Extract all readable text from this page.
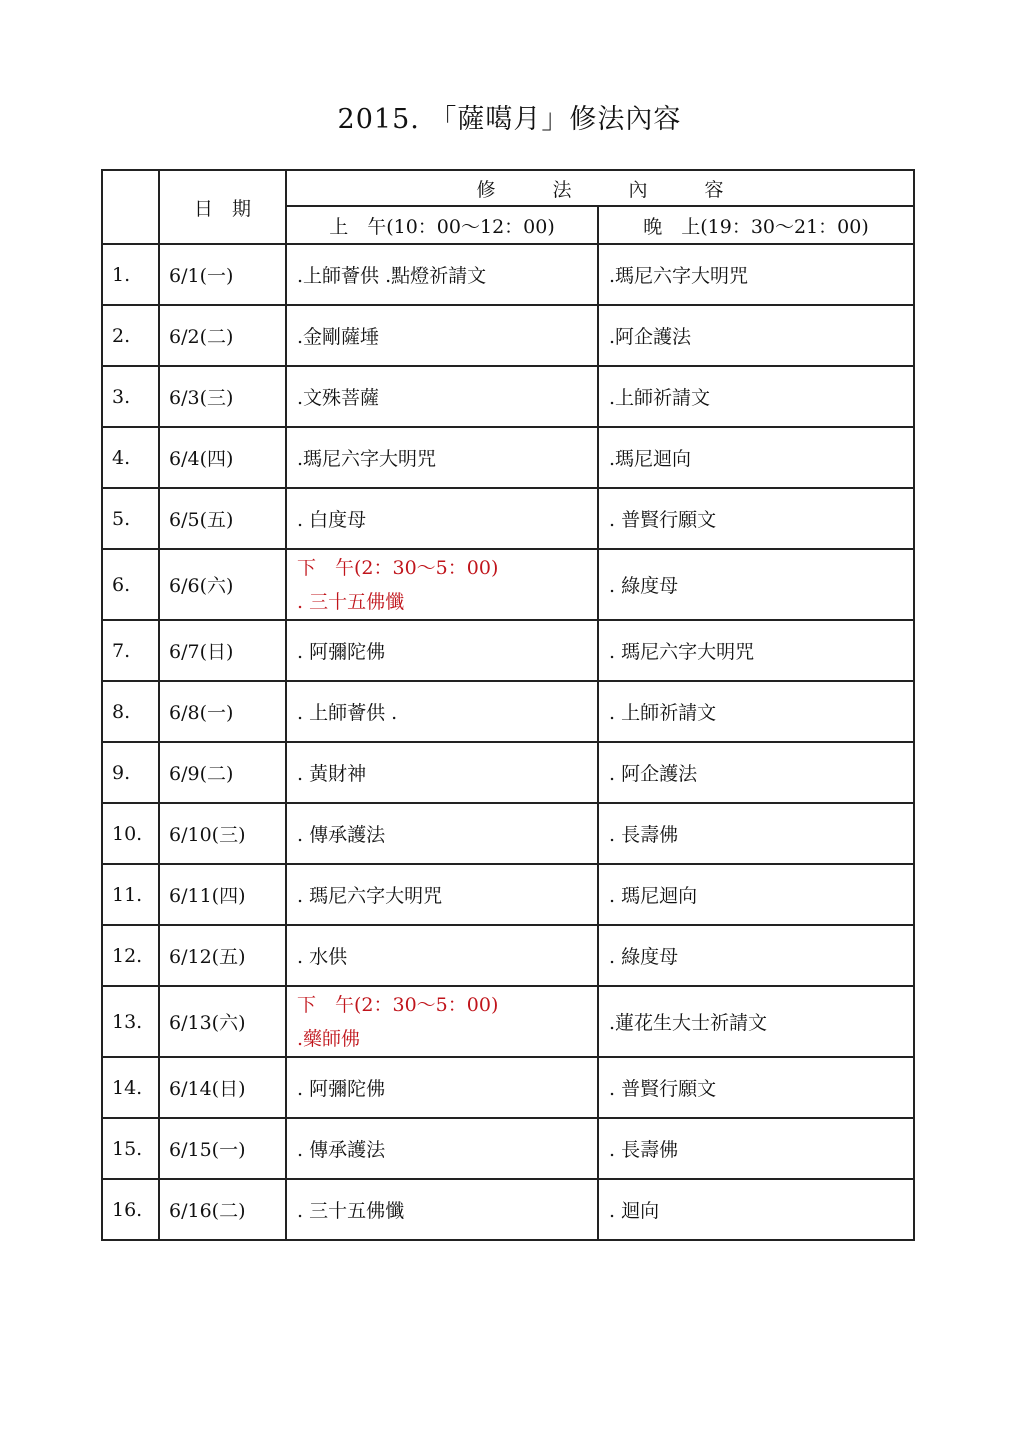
2015. 「薩噶月」修法內容
	日　期	修　　　法　　　內　　　容	
		上　午(10：00～12：00)	晚　上(19：30～21：00)
1.	6/1(一)	.上師薈供 .點燈祈請文	.瑪尼六字大明咒
2.	6/2(二)	.金剛薩埵	.阿企護法
3.	6/3(三)	.文殊菩薩	.上師祈請文
4.	6/4(四)	.瑪尼六字大明咒	.瑪尼迴向
5.	6/5(五)	. 白度母	. 普賢行願文
6.	6/6(六)	下　午(2：30～5：00)
. 三十五佛懺	. 綠度母
7.	6/7(日)	. 阿彌陀佛	. 瑪尼六字大明咒
8.	6/8(一)	. 上師薈供 .	. 上師祈請文
9.	6/9(二)	. 黃財神	. 阿企護法
10.	6/10(三)	. 傳承護法	. 長壽佛
11.	6/11(四)	. 瑪尼六字大明咒	. 瑪尼迴向
12.	6/12(五)	. 水供	. 綠度母
13.	6/13(六)	下　午(2：30～5：00)
.藥師佛	.蓮花生大士祈請文
14.	6/14(日)	. 阿彌陀佛	. 普賢行願文
15.	6/15(一)	. 傳承護法	. 長壽佛
16.	6/16(二)	. 三十五佛懺	. 迴向
